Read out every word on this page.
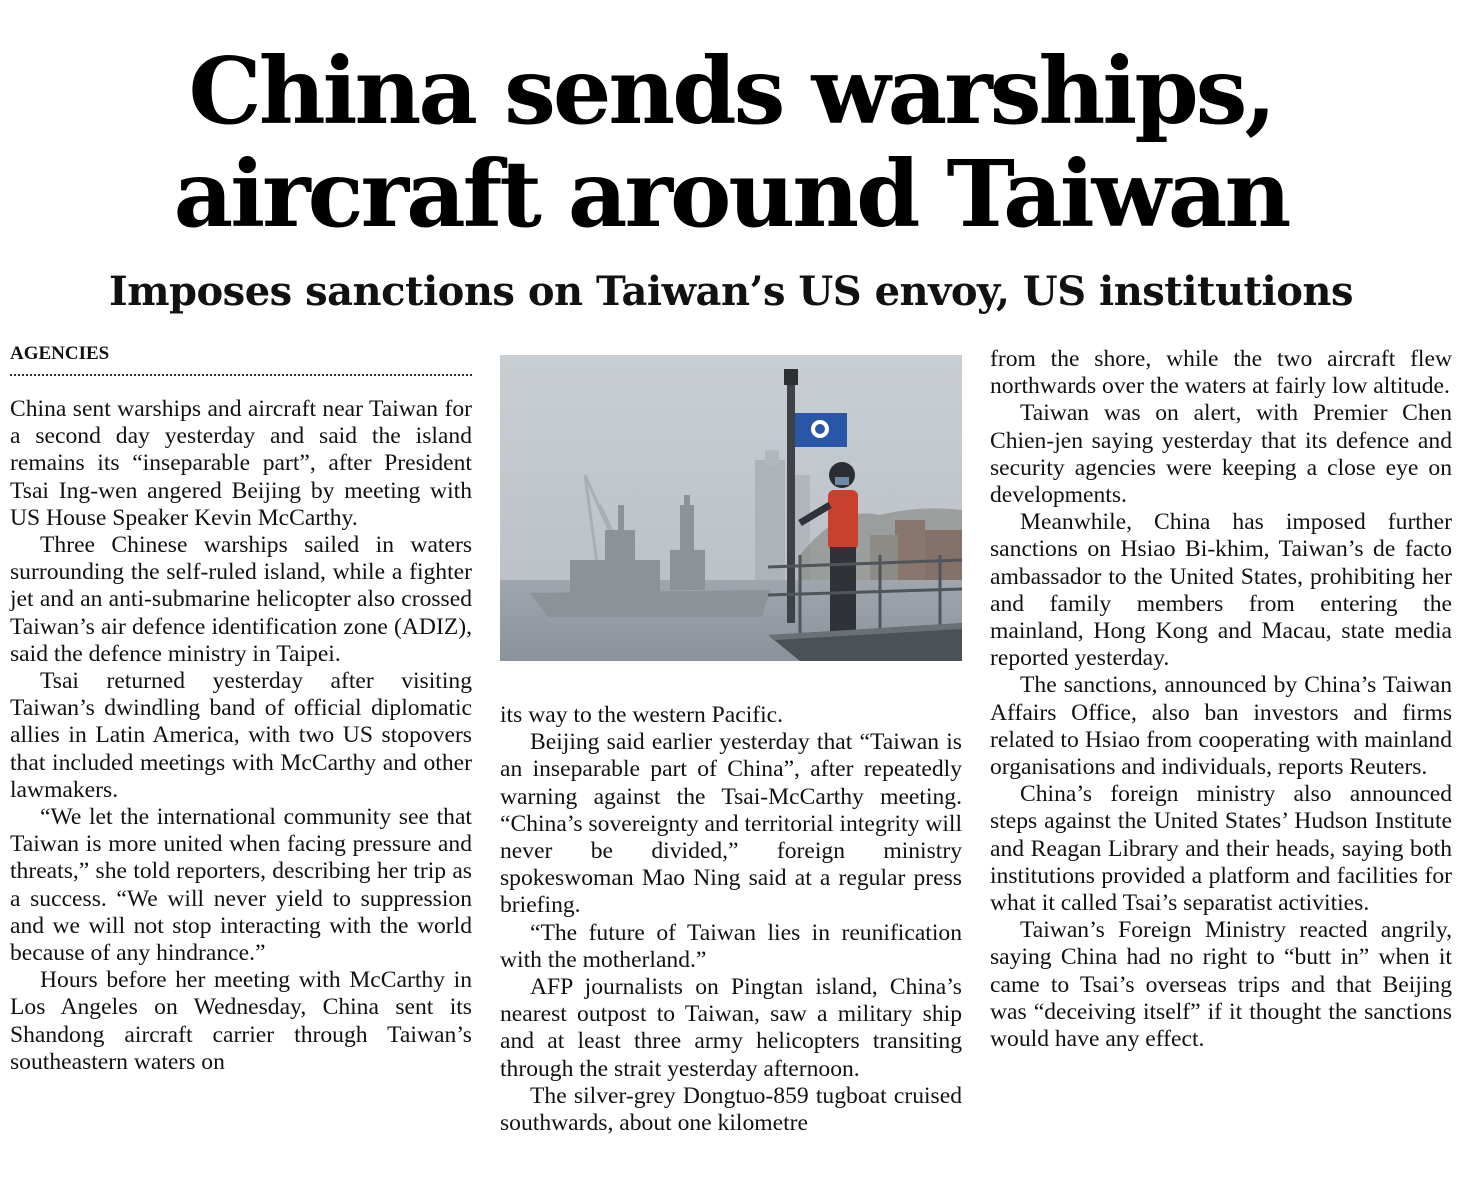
China sends warships,
aircraft around Taiwan
Imposes sanctions on Taiwan’s US envoy, US institutions
AGENCIES

China sent warships and aircraft near Taiwan for a second day yesterday and said the island remains its “inseparable part”, after President Tsai Ing-wen angered Beijing by meeting with US House Speaker Kevin McCarthy.

Three Chinese warships sailed in waters surrounding the self-ruled island, while a fighter jet and an anti-submarine helicopter also crossed Taiwan’s air defence identification zone (ADIZ), said the defence ministry in Taipei.

Tsai returned yesterday after visiting Taiwan’s dwindling band of official diplomatic allies in Latin America, with two US stopovers that included meetings with McCarthy and other lawmakers.

“We let the international community see that Taiwan is more united when facing pressure and threats,” she told reporters, describing her trip as a success. “We will never yield to suppression and we will not stop interacting with the world because of any hindrance.”

Hours before her meeting with McCarthy in Los Angeles on Wednesday, China sent its Shandong aircraft carrier through Taiwan’s southeastern waters on

its way to the western Pacific.

Beijing said earlier yesterday that “Taiwan is an inseparable part of China”, after repeatedly warning against the Tsai-McCarthy meeting. “China’s sovereignty and territorial integrity will never be divided,” foreign ministry spokeswoman Mao Ning said at a regular press briefing.

“The future of Taiwan lies in reunification with the motherland.”

AFP journalists on Pingtan island, China’s nearest outpost to Taiwan, saw a military ship and at least three army helicopters transiting through the strait yesterday afternoon.

The silver-grey Dongtuo-859 tugboat cruised southwards, about one kilometre

from the shore, while the two aircraft flew northwards over the waters at fairly low altitude.

Taiwan was on alert, with Premier Chen Chien-jen saying yesterday that its defence and security agencies were keeping a close eye on developments.

Meanwhile, China has imposed further sanctions on Hsiao Bi-khim, Taiwan’s de facto ambassador to the United States, prohibiting her and family members from entering the mainland, Hong Kong and Macau, state media reported yesterday.

The sanctions, announced by China’s Taiwan Affairs Office, also ban investors and firms related to Hsiao from cooperating with mainland organisations and individuals, reports Reuters.

China’s foreign ministry also announced steps against the United States’ Hudson Institute and Reagan Library and their heads, saying both institutions provided a platform and facilities for what it called Tsai’s separatist activities.

Taiwan’s Foreign Ministry reacted angrily, saying China had no right to “butt in” when it came to Tsai’s overseas trips and that Beijing was “deceiving itself” if it thought the sanctions would have any effect.
